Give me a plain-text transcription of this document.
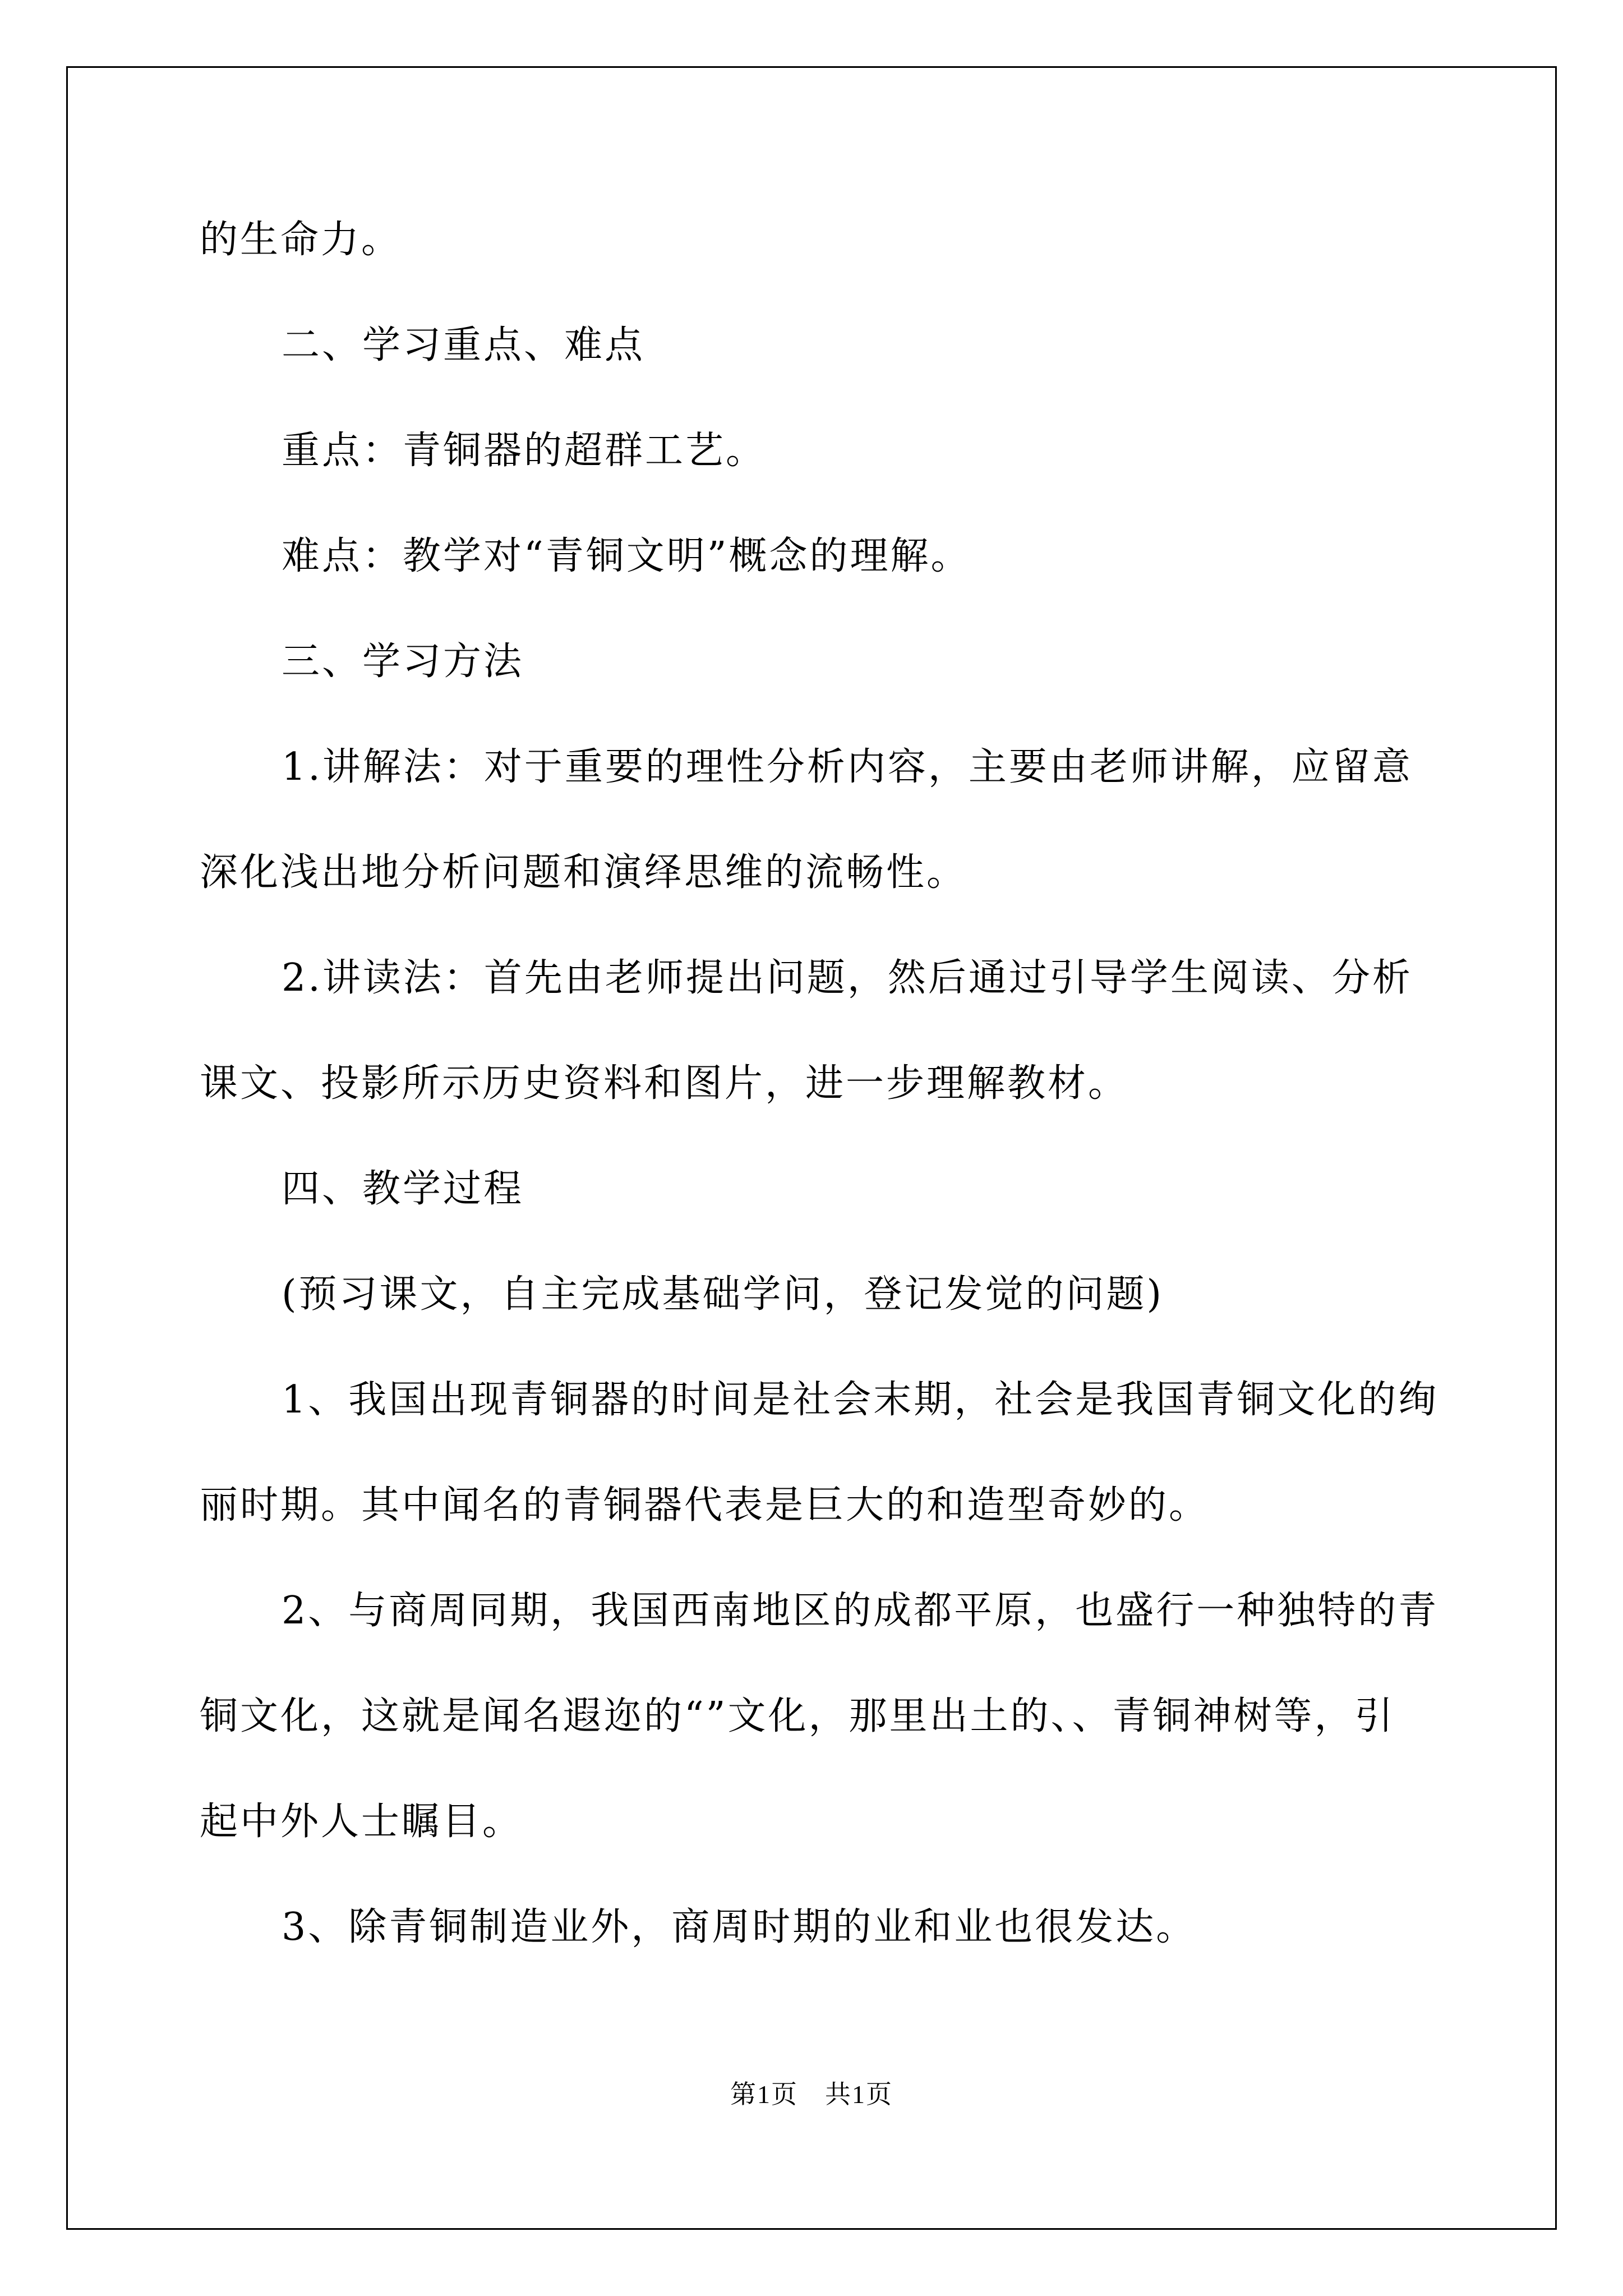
的生命力。
二、学习重点、难点
重点：青铜器的超群工艺。
难点：教学对“青铜文明”概念的理解。
三、学习方法
1.讲解法：对于重要的理性分析内容，主要由老师讲解，应留意
深化浅出地分析问题和演绎思维的流畅性。
2.讲读法：首先由老师提出问题，然后通过引导学生阅读、分析
课文、投影所示历史资料和图片，进一步理解教材。
四、教学过程
(预习课文，自主完成基础学问，登记发觉的问题)
1、我国出现青铜器的时间是社会末期，社会是我国青铜文化的绚
丽时期。其中闻名的青铜器代表是巨大的和造型奇妙的。
2、与商周同期，我国西南地区的成都平原，也盛行一种独特的青
铜文化，这就是闻名遐迩的“”文化，那里出土的、、青铜神树等，引
起中外人士瞩目。
3、除青铜制造业外，商周时期的业和业也很发达。
第1页　共1页
